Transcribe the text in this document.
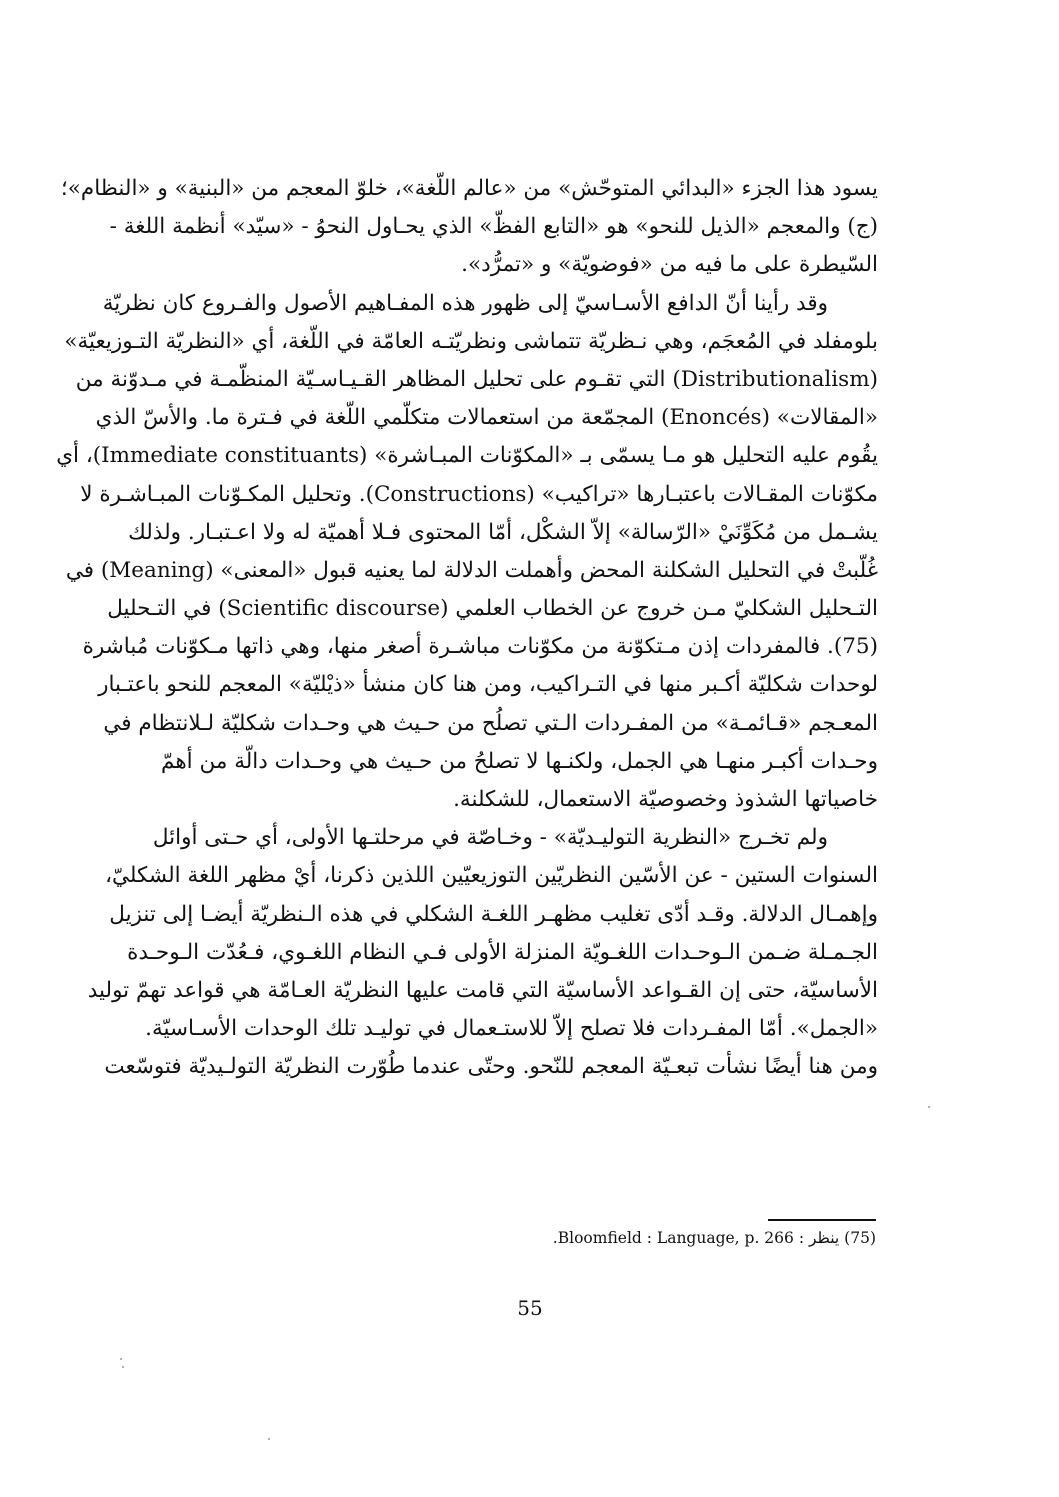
يسود هذا الجزء «البدائي المتوحّش» من «عالم اللّغة»، خلوّ المعجم من «البنية» و «النظام»؛
(ج) والمعجم «الذيل للنحو» هو «التابع الفظّ» الذي يحـاول النحوُ - «سيّد» أنظمة اللغة -
السّيطرة على ما فيه من «فوضويّة» و «تمرُّد».
وقد رأينا أنّ الدافع الأسـاسيّ إلى ظهور هذه المفـاهيم الأصول والفـروع كان نظريّة
بلومفلد في المُعجَم، وهي نـظريّة تتماشى ونظريّتـه العامّة في اللّغة، أي «النظريّة التـوزيعيّة»
(Distributionalism) التي تقـوم على تحليل المظاهر القـيـاسـيّة المنظّمـة في مـدوّنة من
«المقالات» (Enoncés) المجمّعة من استعمالات متكلّمي اللّغة في فـترة ما. والأسّ الذي
يقُوم عليه التحليل هو مـا يسمّى بـ «المكوّنات المبـاشرة» (Immediate constituants)، أي
مكوّنات المقـالات باعتبـارها «تراكيب» (Constructions). وتحليل المكـوّنات المبـاشـرة لا
يشـمل من مُكَوِّنَيْ «الرّسالة» إلاّ الشكْل، أمّا المحتوى فـلا أهميّة له ولا اعـتبـار. ولذلك
غُلّبتْ في التحليل الشكلنة المحض وأهملت الدلالة لما يعنيه قبول «المعنى» (Meaning) في
التـحليل الشكليّ مـن خروج عن الخطاب العلمي (Scientific discourse) في التـحليل
(75). فالمفردات إذن مـتكوّنة من مكوّنات مباشـرة أصغر منها، وهي ذاتها مـكوّنات مُباشرة
لوحدات شكليّة أكـبر منها في التـراكيب، ومن هنا كان منشأ «ذيْليّة» المعجم للنحو باعتـبار
المعـجم «قـائمـة» من المفـردات الـتي تصلُح من حـيث هي وحـدات شكليّة لـلانتظام في
وحـدات أكبـر منهـا هي الجمل، ولكنـها لا تصلحُ من حـيث هي وحـدات دالّة من أهمّ
خاصياتها الشذوذ وخصوصيّة الاستعمال، للشكلنة.
ولم تخـرج «النظرية التوليـديّة» - وخـاصّة في مرحلتـها الأولى، أي حـتى أوائل
السنوات الستين - عن الأسّين النظريّين التوزيعيّين اللذين ذكرنا، أيْ مظهر اللغة الشكليّ،
وإهمـال الدلالة. وقـد أدّى تغليب مظهـر اللغـة الشكلي في هذه الـنظريّة أيضـا إلى تنزيل
الجـمـلة ضـمن الـوحـدات اللغـويّة المنزلة الأولى فـي النظام اللغـوي، فـعُدّت الـوحـدة
الأساسيّة، حتى إن القـواعد الأساسيّة التي قامت عليها النظريّة العـامّة هي قواعد تهمّ توليد
«الجمل». أمّا المفـردات فلا تصلح إلاّ للاستـعمال في توليـد تلك الوحدات الأسـاسيّة.
ومن هنا أيضًا نشأت تبعـيّة المعجم للنّحو. وحتّى عندما طُوّرت النظريّة التولـيديّة فتوسّعت
(75) ينظر : Bloomfield : Language, p. 266.
55
